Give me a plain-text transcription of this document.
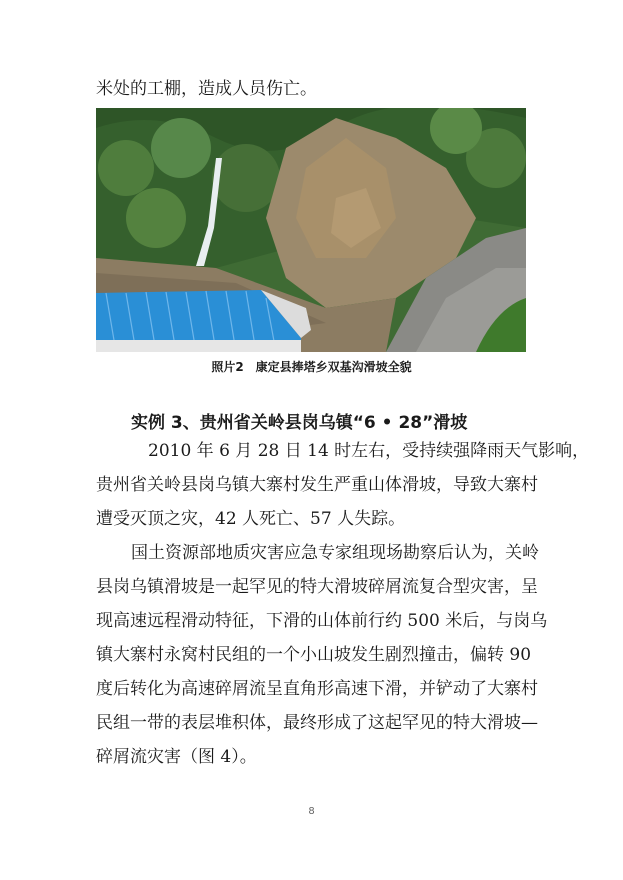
米处的工棚，造成人员伤亡。

照片2　康定县捧塔乡双基沟滑坡全貌
实例 3、贵州省关岭县岗乌镇“6 • 28”滑坡

2010 年 6 月 28 日 14 时左右，受持续强降雨天气影响，

贵州省关岭县岗乌镇大寨村发生严重山体滑坡，导致大寨村

遭受灭顶之灾，42 人死亡、57 人失踪。

国土资源部地质灾害应急专家组现场勘察后认为，关岭

县岗乌镇滑坡是一起罕见的特大滑坡碎屑流复合型灾害，呈

现高速远程滑动特征，下滑的山体前行约 500 米后，与岗乌

镇大寨村永窝村民组的一个小山坡发生剧烈撞击，偏转 90

度后转化为高速碎屑流呈直角形高速下滑，并铲动了大寨村

民组一带的表层堆积体，最终形成了这起罕见的特大滑坡—

碎屑流灾害（图 4）。

8
